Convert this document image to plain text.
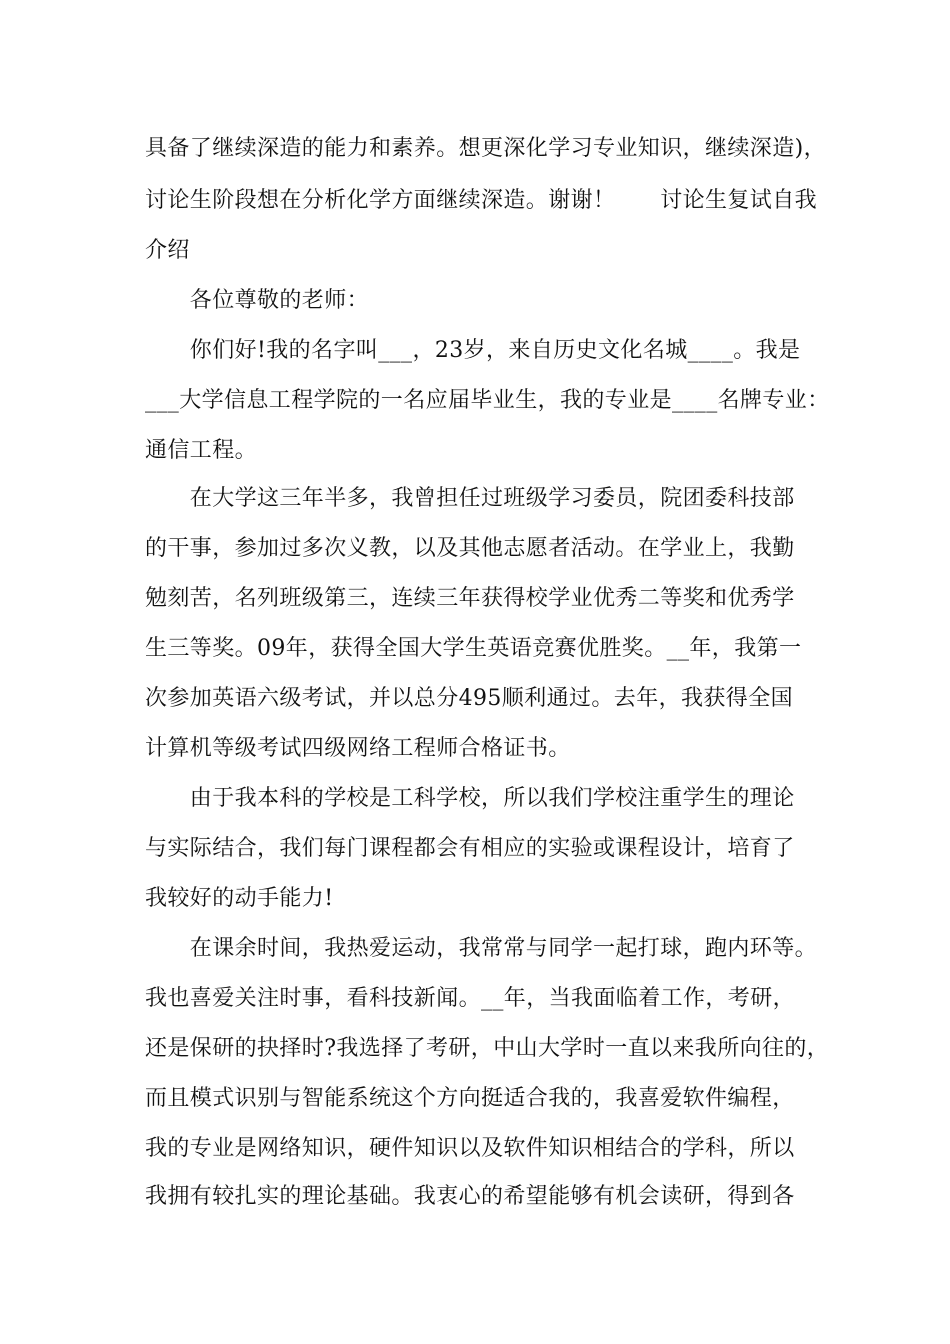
具备了继续深造的能力和素养。想更深化学习专业知识，继续深造)，
讨论生阶段想在分析化学方面继续深造。谢谢！　　讨论生复试自我
介绍
　　各位尊敬的老师：
　　你们好!我的名字叫___，23岁，来自历史文化名城____。我是
___大学信息工程学院的一名应届毕业生，我的专业是____名牌专业：
通信工程。
　　在大学这三年半多，我曾担任过班级学习委员，院团委科技部
的干事，参加过多次义教，以及其他志愿者活动。在学业上，我勤
勉刻苦，名列班级第三，连续三年获得校学业优秀二等奖和优秀学
生三等奖。09年，获得全国大学生英语竞赛优胜奖。__年，我第一
次参加英语六级考试，并以总分495顺利通过。去年，我获得全国
计算机等级考试四级网络工程师合格证书。
　　由于我本科的学校是工科学校，所以我们学校注重学生的理论
与实际结合，我们每门课程都会有相应的实验或课程设计，培育了
我较好的动手能力!
　　在课余时间，我热爱运动，我常常与同学一起打球，跑内环等。
我也喜爱关注时事，看科技新闻。__年，当我面临着工作，考研，
还是保研的抉择时?我选择了考研，中山大学时一直以来我所向往的，
而且模式识别与智能系统这个方向挺适合我的，我喜爱软件编程，
我的专业是网络知识，硬件知识以及软件知识相结合的学科，所以
我拥有较扎实的理论基础。我衷心的希望能够有机会读研，得到各
